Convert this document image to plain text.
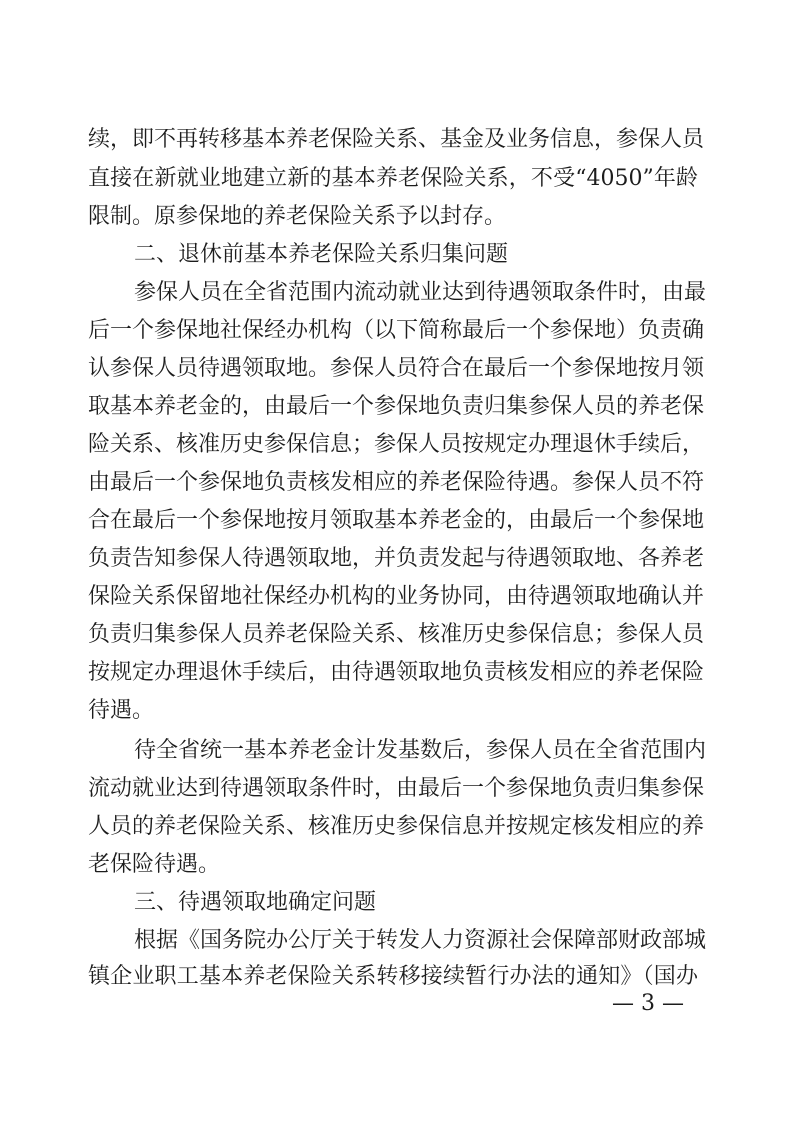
续，即不再转移基本养老保险关系、基金及业务信息，参保人员
直接在新就业地建立新的基本养老保险关系，不受“4050”年龄
限制。原参保地的养老保险关系予以封存。
二、退休前基本养老保险关系归集问题
参保人员在全省范围内流动就业达到待遇领取条件时，由最
后一个参保地社保经办机构（以下简称最后一个参保地）负责确
认参保人员待遇领取地。参保人员符合在最后一个参保地按月领
取基本养老金的，由最后一个参保地负责归集参保人员的养老保
险关系、核准历史参保信息；参保人员按规定办理退休手续后，
由最后一个参保地负责核发相应的养老保险待遇。参保人员不符
合在最后一个参保地按月领取基本养老金的，由最后一个参保地
负责告知参保人待遇领取地，并负责发起与待遇领取地、各养老
保险关系保留地社保经办机构的业务协同，由待遇领取地确认并
负责归集参保人员养老保险关系、核准历史参保信息；参保人员
按规定办理退休手续后，由待遇领取地负责核发相应的养老保险
待遇。
待全省统一基本养老金计发基数后，参保人员在全省范围内
流动就业达到待遇领取条件时，由最后一个参保地负责归集参保
人员的养老保险关系、核准历史参保信息并按规定核发相应的养
老保险待遇。
三、待遇领取地确定问题
根据《国务院办公厅关于转发人力资源社会保障部财政部城
镇企业职工基本养老保险关系转移接续暂行办法的通知》（国办
— 3 —
